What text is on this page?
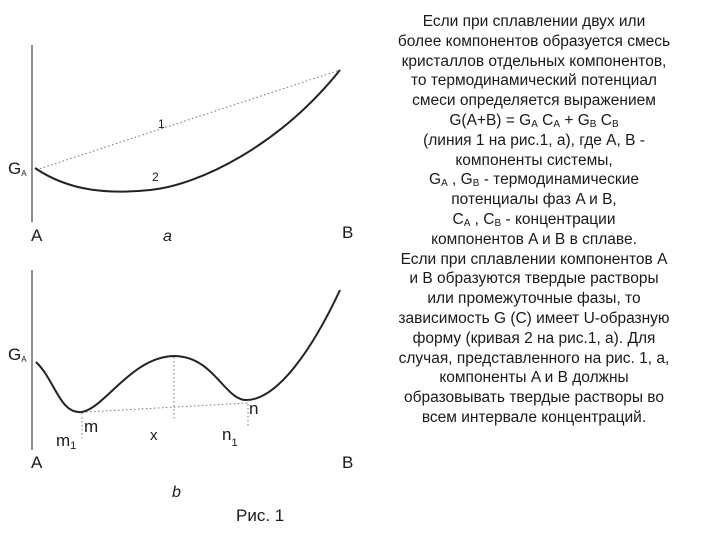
1
2
GA
A	B
a
GA
m
m1
x
n
$n_1$
A	B
b
Рис. 1
Если при сплавлении двух или
более компонентов образуется смесь
кристаллов отдельных компонентов,
то термодинамический потенциал
смеси определяется выражением
$G(A+B) = G_A$ $C_A + G_B$ $C_B$
(линия 1 на рис.1, а), где A, B -
компоненты системы,
$G_A$ , $G_B$ - термодинамические
потенциалы фаз A и B,
$C_A$ , $C_B$ - концентрации
компонентов A и B в сплаве.
Если при сплавлении компонентов A
и B образуются твердые растворы
или промежуточные фазы, то
зависимость G (C) имеет U-образную
форму (кривая 2 на рис.1, а). Для
случая, представленного на рис. 1, а,
компоненты A и B должны
образовывать твердые растворы во
всем интервале концентраций.
